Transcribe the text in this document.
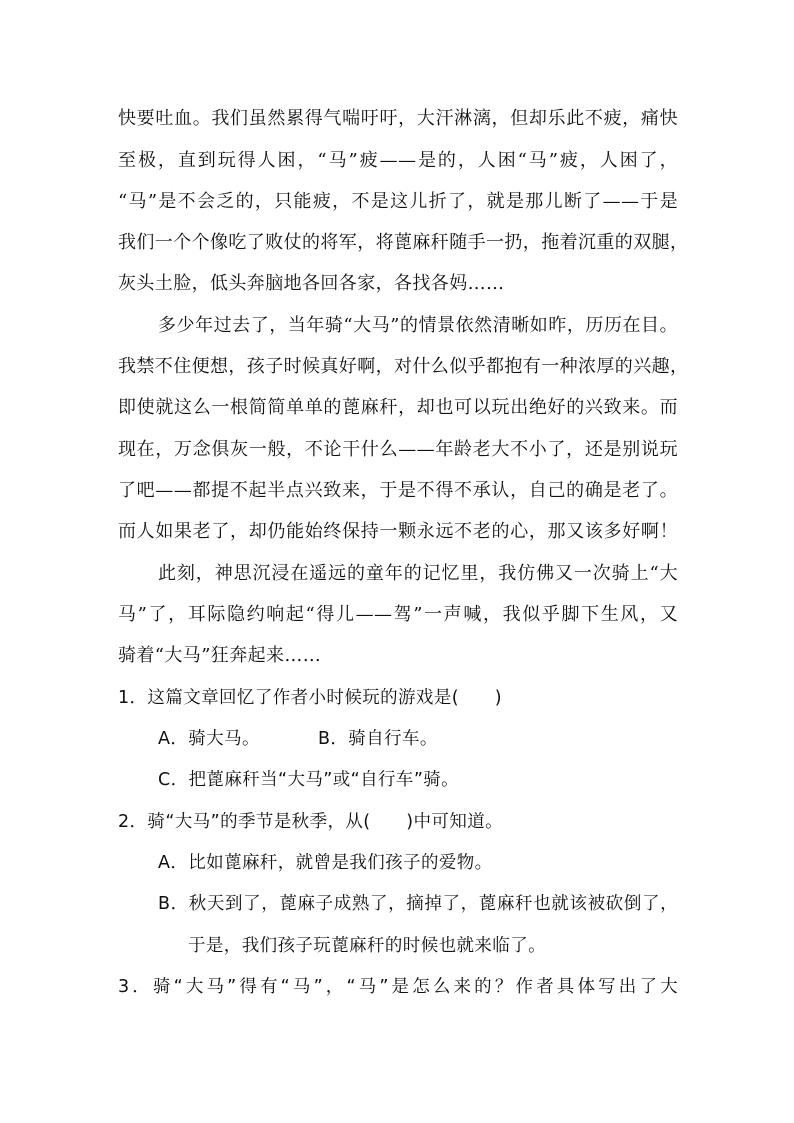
快要吐血。我们虽然累得气喘吁吁，大汗淋漓，但却乐此不疲，痛快
至极，直到玩得人困，“马”疲——是的，人困“马”疲，人困了，
“马”是不会乏的，只能疲，不是这儿折了，就是那儿断了——于是
我们一个个像吃了败仗的将军，将蓖麻秆随手一扔，拖着沉重的双腿，
灰头土脸，低头奔脑地各回各家，各找各妈……
多少年过去了，当年骑“大马”的情景依然清晰如昨，历历在目。
我禁不住便想，孩子时候真好啊，对什么似乎都抱有一种浓厚的兴趣，
即使就这么一根简简单单的蓖麻秆，却也可以玩出绝好的兴致来。而
现在，万念俱灰一般，不论干什么——年龄老大不小了，还是别说玩
了吧——都提不起半点兴致来，于是不得不承认，自己的确是老了。
而人如果老了，却仍能始终保持一颗永远不老的心，那又该多好啊！
此刻，神思沉浸在遥远的童年的记忆里，我仿佛又一次骑上“大
马”了，耳际隐约响起“得儿——驾”一声喊，我似乎脚下生风，又
骑着“大马”狂奔起来……
1．这篇文章回忆了作者小时候玩的游戏是(　　)
A．骑大马。	B．骑自行车。
C．把蓖麻秆当“大马”或“自行车”骑。
2．骑“大马”的季节是秋季，从(　　)中可知道。
A．比如蓖麻秆，就曾是我们孩子的爱物。
B．秋天到了，蓖麻子成熟了，摘掉了，蓖麻秆也就该被砍倒了，
于是，我们孩子玩蓖麻秆的时候也就来临了。
3．骑“大马”得有“马”，“马”是怎么来的？作者具体写出了大
